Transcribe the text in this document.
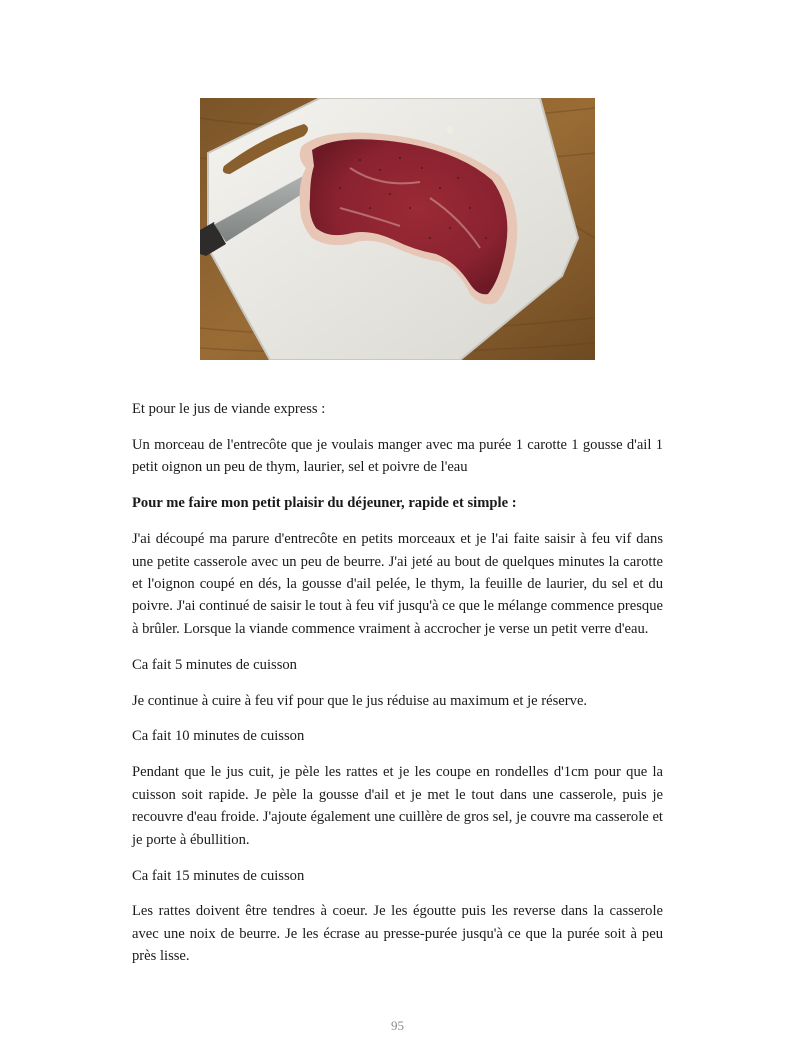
Et pour le jus de viande express :

Un morceau de l'entrecôte que je voulais manger avec ma purée 1 carotte 1 gousse d'ail 1 petit oignon un peu de thym, laurier, sel et poivre de l'eau

Pour me faire mon petit plaisir du déjeuner, rapide et simple :

J'ai découpé ma parure d'entrecôte en petits morceaux et je l'ai faite saisir à feu vif dans une petite casserole avec un peu de beurre. J'ai jeté au bout de quelques minutes la carotte et l'oignon coupé en dés, la gousse d'ail pelée, le thym, la feuille de laurier, du sel et du poivre. J'ai continué de saisir le tout à feu vif jusqu'à ce que le mélange commence presque à brûler. Lorsque la viande commence vraiment à accrocher je verse un petit verre d'eau.

Ca fait 5 minutes de cuisson

Je continue à cuire à feu vif pour que le jus réduise au maximum et je réserve.

Ca fait 10 minutes de cuisson

Pendant que le jus cuit, je pèle les rattes et je les coupe en rondelles d'1cm pour que la cuisson soit rapide. Je pèle la gousse d'ail et je met le tout dans une casserole, puis je recouvre d'eau froide. J'ajoute également une cuillère de gros sel, je couvre ma casserole et je porte à ébullition.

Ca fait 15 minutes de cuisson

Les rattes doivent être tendres à coeur. Je les égoutte puis les reverse dans la casserole avec une noix de beurre. Je les écrase au presse-purée jusqu'à ce que la purée soit à peu près lisse.

95
